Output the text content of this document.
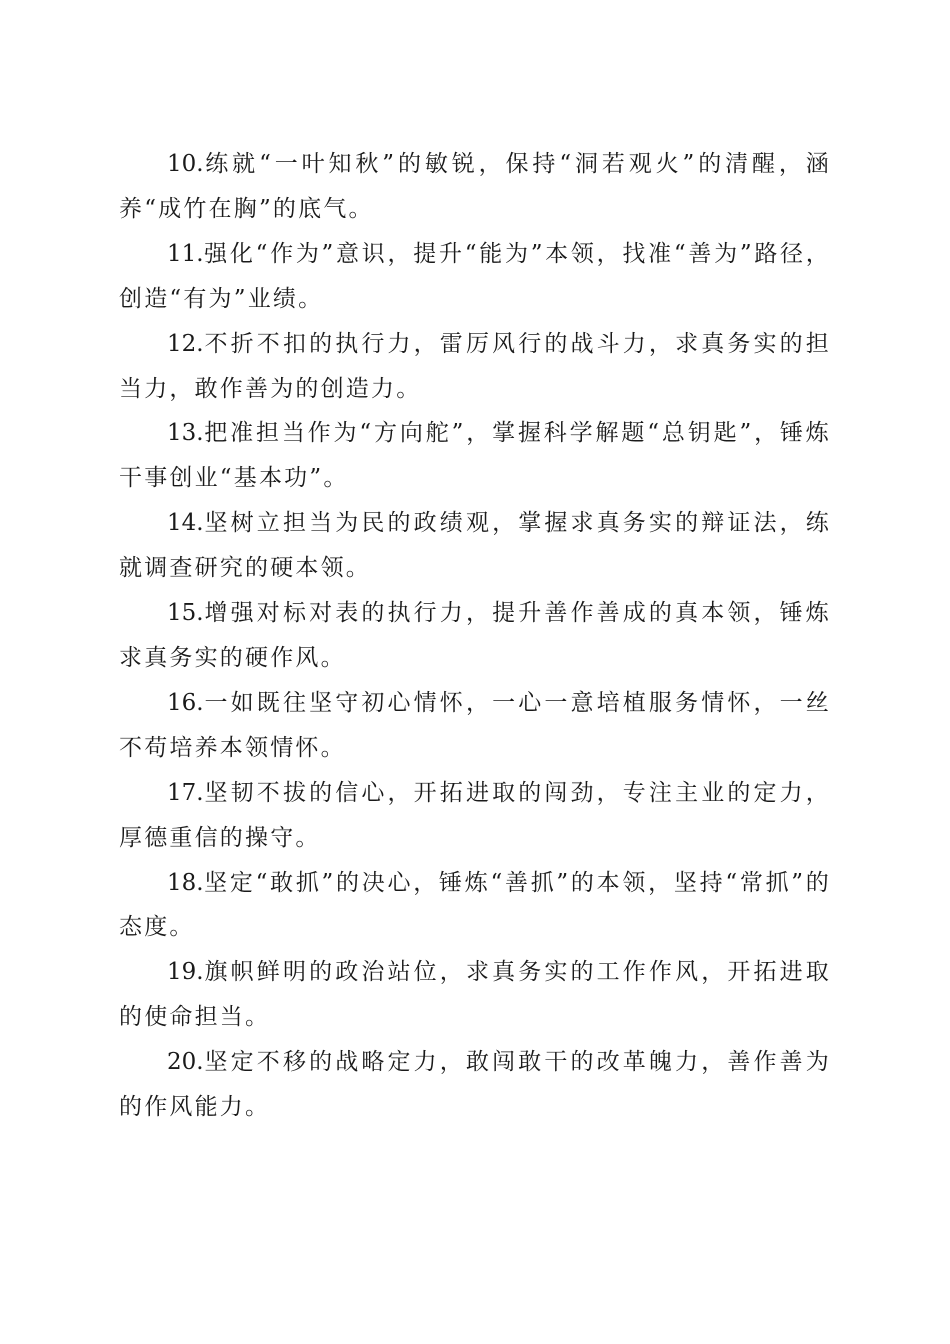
10.练就“一叶知秋”的敏锐，保持“洞若观火”的清醒，涵养“成竹在胸”的底气。

11.强化“作为”意识，提升“能为”本领，找准“善为”路径，创造“有为”业绩。

12.不折不扣的执行力，雷厉风行的战斗力，求真务实的担当力，敢作善为的创造力。

13.把准担当作为“方向舵”，掌握科学解题“总钥匙”，锤炼干事创业“基本功”。

14.坚树立担当为民的政绩观，掌握求真务实的辩证法，练就调查研究的硬本领。

15.增强对标对表的执行力，提升善作善成的真本领，锤炼求真务实的硬作风。

16.一如既往坚守初心情怀，一心一意培植服务情怀，一丝不苟培养本领情怀。

17.坚韧不拔的信心，开拓进取的闯劲，专注主业的定力，厚德重信的操守。

18.坚定“敢抓”的决心，锤炼“善抓”的本领，坚持“常抓”的态度。

19.旗帜鲜明的政治站位，求真务实的工作作风，开拓进取的使命担当。

20.坚定不移的战略定力，敢闯敢干的改革魄力，善作善为的作风能力。
